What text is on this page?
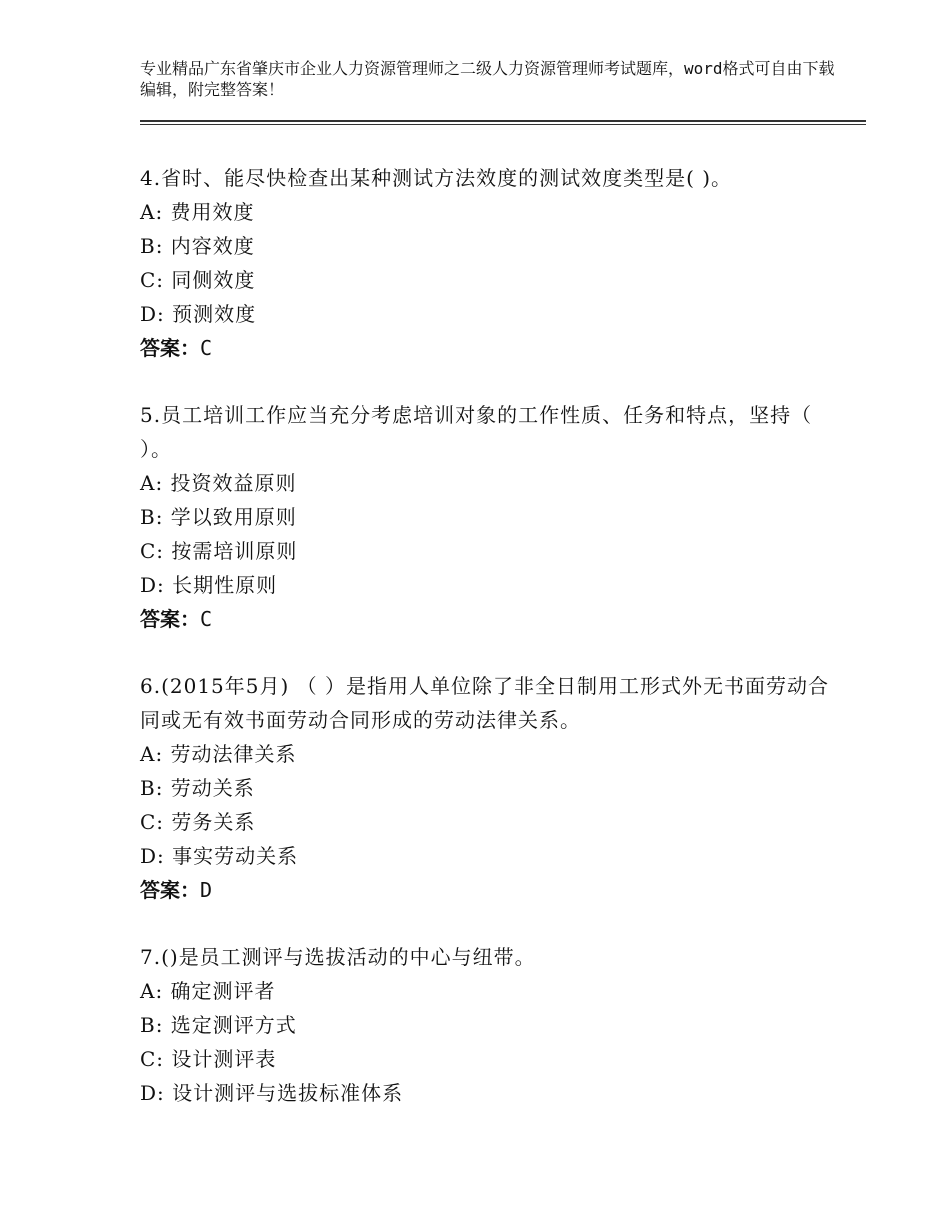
专业精品广东省肇庆市企业人力资源管理师之二级人力资源管理师考试题库，word格式可自由下载编辑，附完整答案！
4.省时、能尽快检查出某种测试方法效度的测试效度类型是( )。
A: 费用效度
B: 内容效度
C: 同侧效度
D: 预测效度
答案：C
5.员工培训工作应当充分考虑培训对象的工作性质、任务和特点，坚持（ ）。
A: 投资效益原则
B: 学以致用原则
C: 按需培训原则
D: 长期性原则
答案：C
6.(2015年5月) （ ）是指用人单位除了非全日制用工形式外无书面劳动合同或无有效书面劳动合同形成的劳动法律关系。
A: 劳动法律关系
B: 劳动关系
C: 劳务关系
D: 事实劳动关系
答案：D
7.()是员工测评与选拔活动的中心与纽带。
A: 确定测评者
B: 选定测评方式
C: 设计测评表
D: 设计测评与选拔标准体系
